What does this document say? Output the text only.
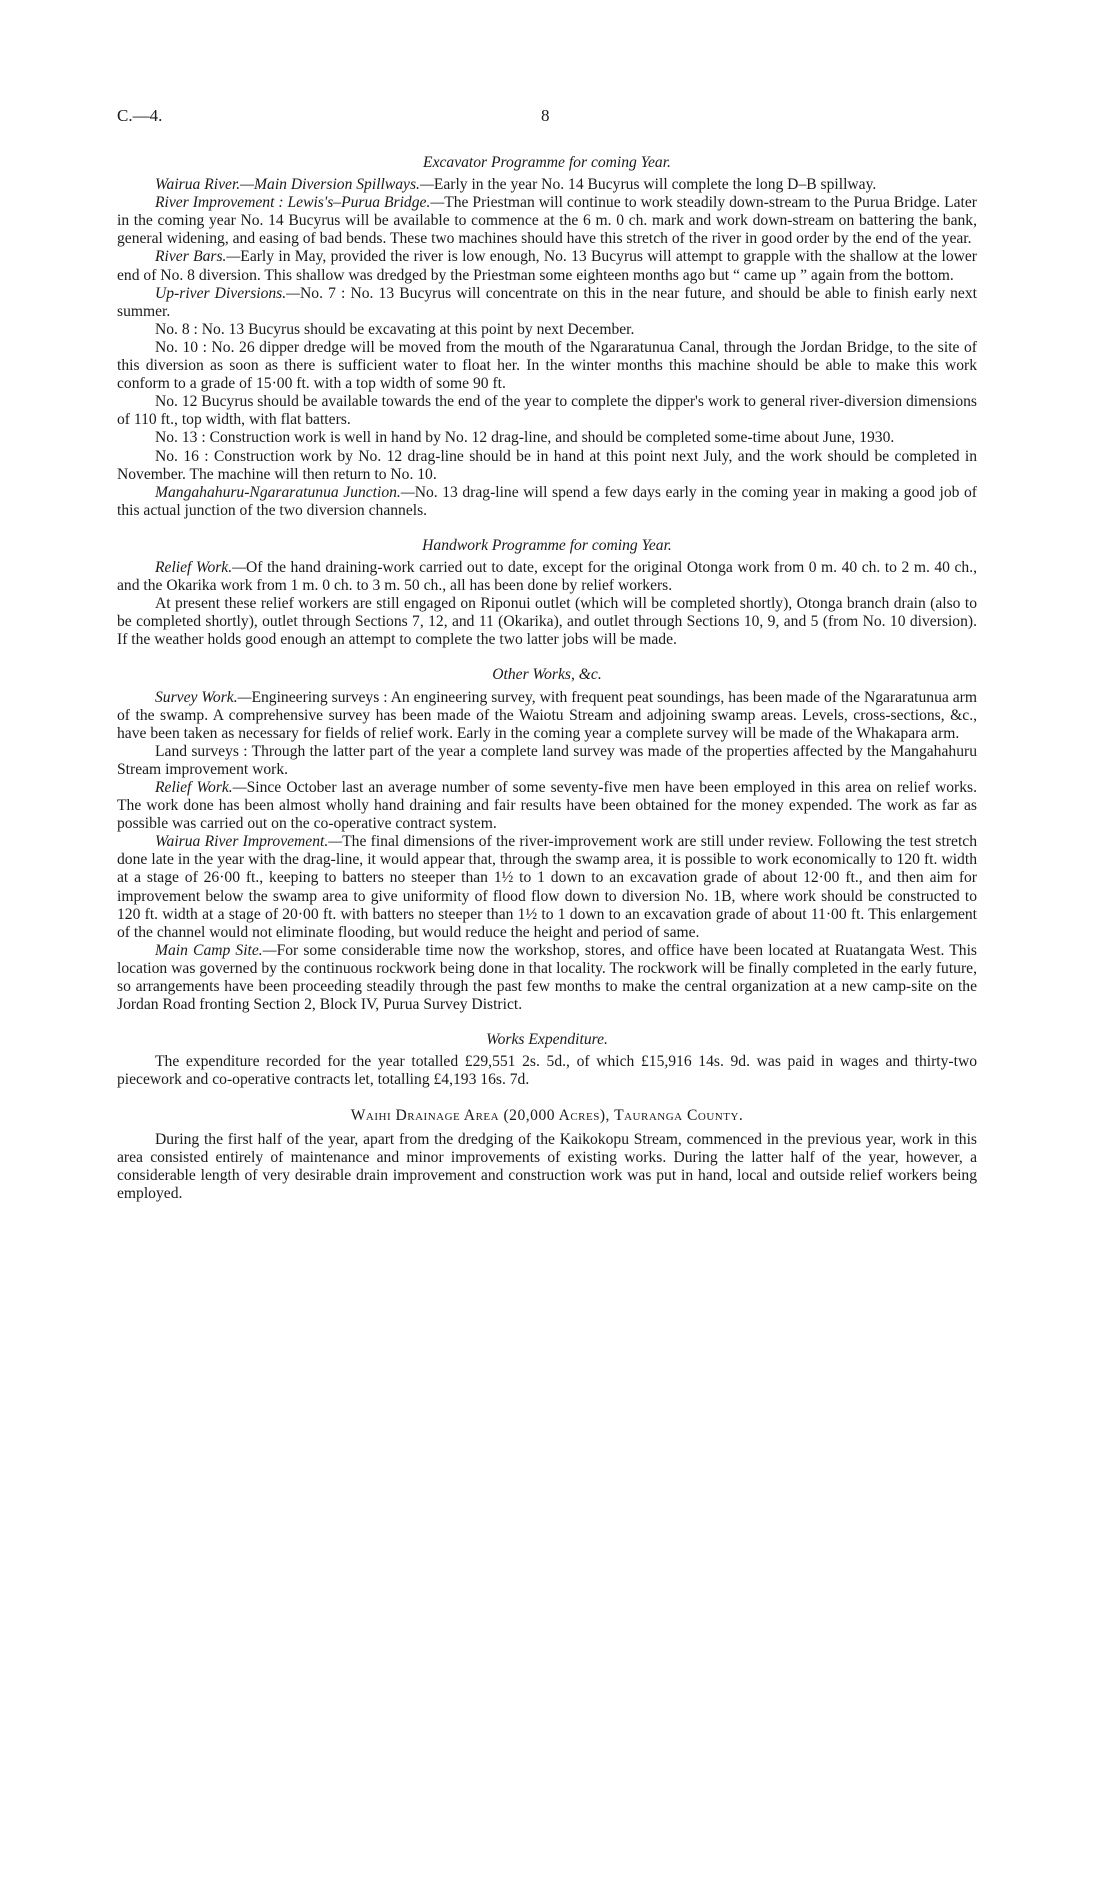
C.—4.	8
Excavator Programme for coming Year.

Wairua River.—Main Diversion Spillways.—Early in the year No. 14 Bucyrus will complete the long D–B spillway.

River Improvement : Lewis's–Purua Bridge.—The Priestman will continue to work steadily down-stream to the Purua Bridge. Later in the coming year No. 14 Bucyrus will be available to commence at the 6 m. 0 ch. mark and work down-stream on battering the bank, general widening, and easing of bad bends. These two machines should have this stretch of the river in good order by the end of the year.

River Bars.—Early in May, provided the river is low enough, No. 13 Bucyrus will attempt to grapple with the shallow at the lower end of No. 8 diversion. This shallow was dredged by the Priestman some eighteen months ago but “ came up ” again from the bottom.

Up-river Diversions.—No. 7 : No. 13 Bucyrus will concentrate on this in the near future, and should be able to finish early next summer.

No. 8 : No. 13 Bucyrus should be excavating at this point by next December.

No. 10 : No. 26 dipper dredge will be moved from the mouth of the Ngararatunua Canal, through the Jordan Bridge, to the site of this diversion as soon as there is sufficient water to float her. In the winter months this machine should be able to make this work conform to a grade of 15·00 ft. with a top width of some 90 ft.

No. 12 Bucyrus should be available towards the end of the year to complete the dipper's work to general river-diversion dimensions of 110 ft., top width, with flat batters.

No. 13 : Construction work is well in hand by No. 12 drag-line, and should be completed some-time about June, 1930.

No. 16 : Construction work by No. 12 drag-line should be in hand at this point next July, and the work should be completed in November. The machine will then return to No. 10.

Mangahahuru-Ngararatunua Junction.—No. 13 drag-line will spend a few days early in the coming year in making a good job of this actual junction of the two diversion channels.

Handwork Programme for coming Year.

Relief Work.—Of the hand draining-work carried out to date, except for the original Otonga work from 0 m. 40 ch. to 2 m. 40 ch., and the Okarika work from 1 m. 0 ch. to 3 m. 50 ch., all has been done by relief workers.

At present these relief workers are still engaged on Riponui outlet (which will be completed shortly), Otonga branch drain (also to be completed shortly), outlet through Sections 7, 12, and 11 (Okarika), and outlet through Sections 10, 9, and 5 (from No. 10 diversion). If the weather holds good enough an attempt to complete the two latter jobs will be made.

Other Works, &c.

Survey Work.—Engineering surveys : An engineering survey, with frequent peat soundings, has been made of the Ngararatunua arm of the swamp. A comprehensive survey has been made of the Waiotu Stream and adjoining swamp areas. Levels, cross-sections, &c., have been taken as necessary for fields of relief work. Early in the coming year a complete survey will be made of the Whakapara arm.

Land surveys : Through the latter part of the year a complete land survey was made of the properties affected by the Mangahahuru Stream improvement work.

Relief Work.—Since October last an average number of some seventy-five men have been employed in this area on relief works. The work done has been almost wholly hand draining and fair results have been obtained for the money expended. The work as far as possible was carried out on the co-operative contract system.

Wairua River Improvement.—The final dimensions of the river-improvement work are still under review. Following the test stretch done late in the year with the drag-line, it would appear that, through the swamp area, it is possible to work economically to 120 ft. width at a stage of 26·00 ft., keeping to batters no steeper than 1½ to 1 down to an excavation grade of about 12·00 ft., and then aim for improvement below the swamp area to give uniformity of flood flow down to diversion No. 1B, where work should be constructed to 120 ft. width at a stage of 20·00 ft. with batters no steeper than 1½ to 1 down to an excavation grade of about 11·00 ft. This enlargement of the channel would not eliminate flooding, but would reduce the height and period of same.

Main Camp Site.—For some considerable time now the workshop, stores, and office have been located at Ruatangata West. This location was governed by the continuous rockwork being done in that locality. The rockwork will be finally completed in the early future, so arrangements have been proceeding steadily through the past few months to make the central organization at a new camp-site on the Jordan Road fronting Section 2, Block IV, Purua Survey District.

Works Expenditure.

The expenditure recorded for the year totalled £29,551 2s. 5d., of which £15,916 14s. 9d. was paid in wages and thirty-two piecework and co-operative contracts let, totalling £4,193 16s. 7d.

Waihi Drainage Area (20,000 Acres), Tauranga County.

During the first half of the year, apart from the dredging of the Kaikokopu Stream, commenced in the previous year, work in this area consisted entirely of maintenance and minor improvements of existing works. During the latter half of the year, however, a considerable length of very desirable drain improvement and construction work was put in hand, local and outside relief workers being employed.
